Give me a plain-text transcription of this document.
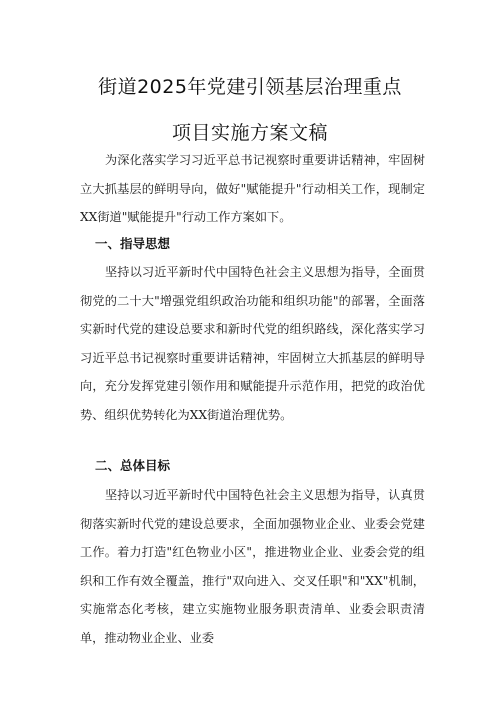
街道2025年党建引领基层治理重点
项目实施方案文稿

为深化落实学习习近平总书记视察时重要讲话精神，牢固树立大抓基层的鲜明导向，做好"赋能提升"行动相关工作，现制定XX街道"赋能提升"行动工作方案如下。

一、指导思想

坚持以习近平新时代中国特色社会主义思想为指导，全面贯彻党的二十大"增强党组织政治功能和组织功能"的部署，全面落实新时代党的建设总要求和新时代党的组织路线，深化落实学习习近平总书记视察时重要讲话精神，牢固树立大抓基层的鲜明导向，充分发挥党建引领作用和赋能提升示范作用，把党的政治优势、组织优势转化为XX街道治理优势。

二、总体目标

坚持以习近平新时代中国特色社会主义思想为指导，认真贯彻落实新时代党的建设总要求，全面加强物业企业、业委会党建工作。着力打造"红色物业小区"，推进物业企业、业委会党的组织和工作有效全覆盖，推行"双向进入、交叉任职"和"XX"机制，实施常态化考核，建立实施物业服务职责清单、业委会职责清单，推动物业企业、业委
